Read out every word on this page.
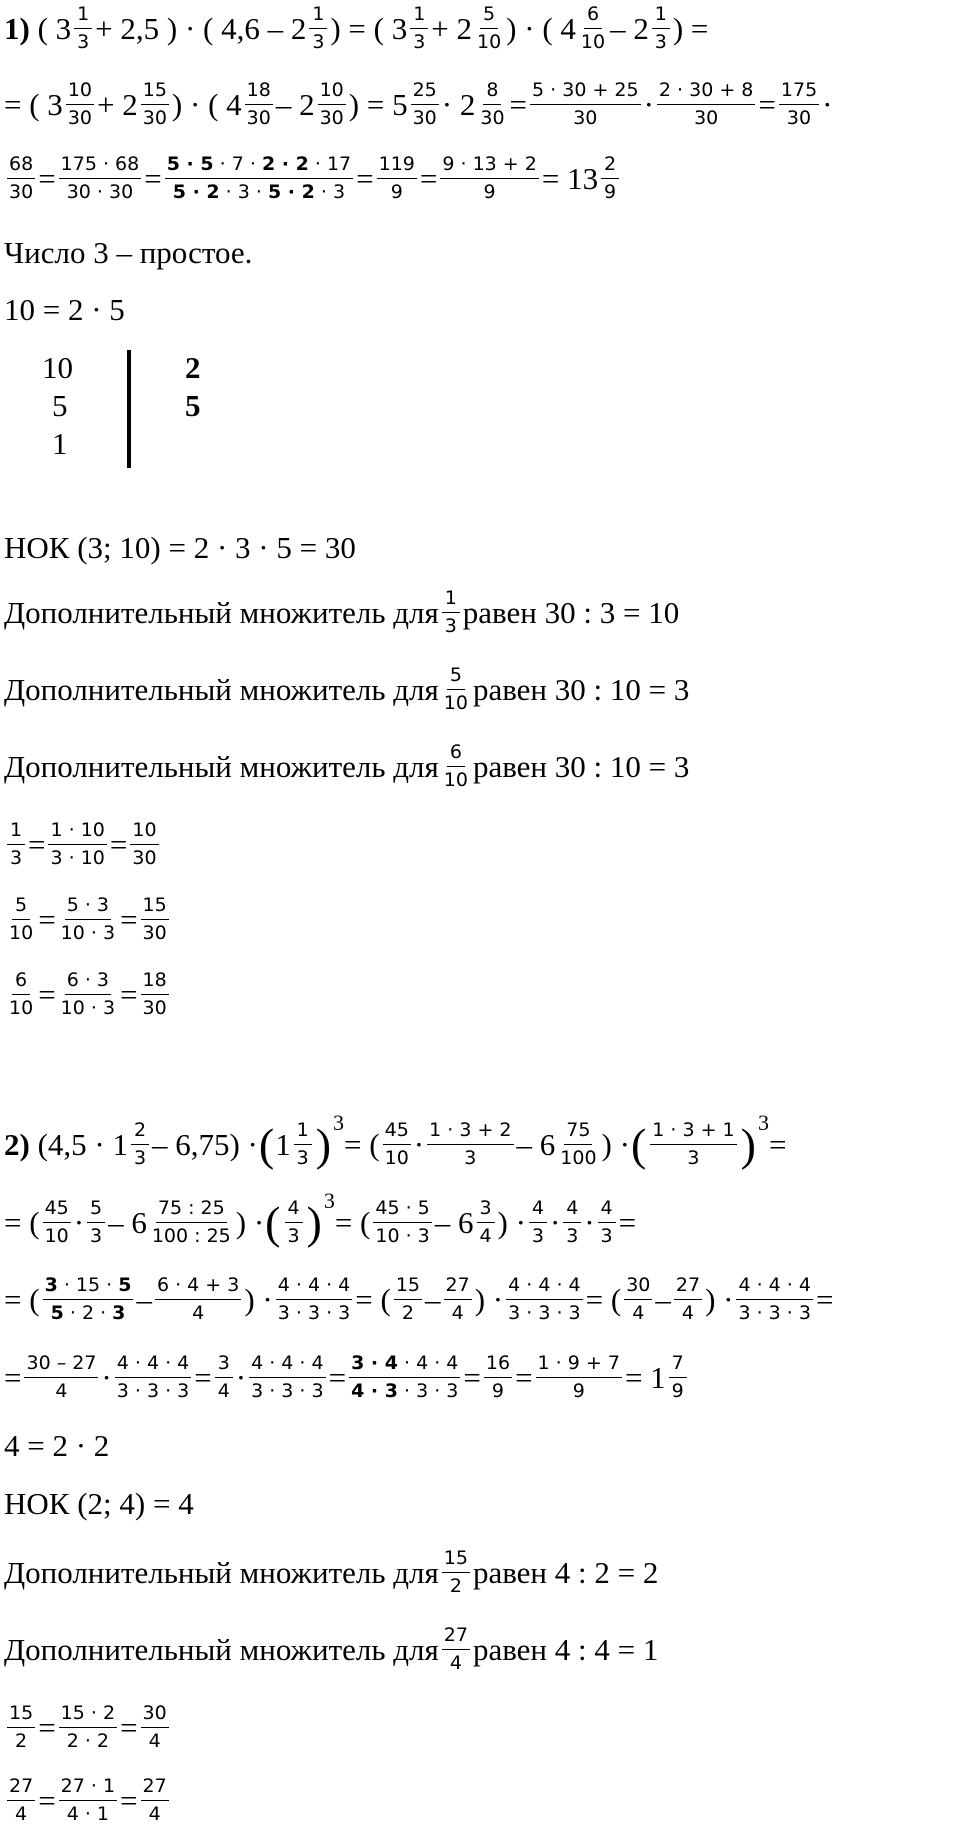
1)
( $3 \frac{1}{3} + 2,5$ ) · ( $4,6 - 2 \frac{1}{3}$ ) = ( $3 \frac{1}{3} + 2 \frac{5}{10}$ ) · ( $4 \frac{6}{10} - 2 \frac{1}{3}$ ) =
= ( $3 \frac{10}{30} + 2 \frac{15}{30}$ ) · ( $4 \frac{18}{30} - 2 \frac{10}{30}$ ) = $5 \frac{25}{30} \cdot 2 \frac{8}{30} = \frac{5 \cdot 30 + 25}{30} \cdot \frac{2 \cdot 30 + 8}{30} = \frac{175}{30}$ ·
$\frac{68}{30} = \frac{175 \cdot 68}{30 \cdot 30} = \frac{5 \cdot 5 \cdot 7 \cdot 2 \cdot 2 \cdot 17}{5 \cdot 2 \cdot 3 \cdot 5 \cdot 2 \cdot 3} = \frac{119}{9} = \frac{9 \cdot 13 + 2}{9} = 13 \frac{2}{9}$
Число 3 – простое.
10 = 2 · 5
10
5
1
2
5
НОК (3; 10) = 2 · 3 · 5 = 30
Дополнительный множитель для $\frac{1}{3}$ равен
30 : 3 = 10
Дополнительный множитель для $\frac{5}{10}$ равен
30 : 10 = 3
Дополнительный множитель для $\frac{6}{10}$ равен
30 : 10 = 3
$\frac{1}{3} = \frac{1 \cdot 10}{3 \cdot 10} = \frac{10}{30}$
$\frac{5}{10} = \frac{5 \cdot 3}{10 \cdot 3} = \frac{15}{30}$
$\frac{6}{10} = \frac{6 \cdot 3}{10 \cdot 3} = \frac{18}{30}$
2)
$(4,5 \cdot 1 \frac{2}{3} - 6,75)$ · ( $1 \frac{1}{3}$ ) 3
= ( $\frac{45}{10} \cdot \frac{1 \cdot 3 + 2}{3} - 6 \frac{75}{100}$ ) · ( $\frac{1 \cdot 3 + 1}{3}$ ) 3
=
= ( $\frac{45}{10} \cdot \frac{5}{3} - 6 \frac{75 : 25}{100 : 25}$ ) · ( $\frac{4}{3}$ ) 3
= ( $\frac{45 \cdot 5}{10 \cdot 3} - 6 \frac{3}{4}$ ) · $\frac{4}{3} \cdot \frac{4}{3} \cdot \frac{4}{3}$ =
= ( $\frac{3 \cdot 15 \cdot 5}{5 \cdot 2 \cdot 3} - \frac{6 \cdot 4 + 3}{4}$ ) · $\frac{4 \cdot 4 \cdot 4}{3 \cdot 3 \cdot 3}$ = ( $\frac{15}{2} - \frac{27}{4}$ ) · $\frac{4 \cdot 4 \cdot 4}{3 \cdot 3 \cdot 3}$ = ( $\frac{30}{4} - \frac{27}{4}$ ) · $\frac{4 \cdot 4 \cdot 4}{3 \cdot 3 \cdot 3}$ =
= $\frac{30 - 27}{4} \cdot \frac{4 \cdot 4 \cdot 4}{3 \cdot 3 \cdot 3} = \frac{3}{4} \cdot \frac{4 \cdot 4 \cdot 4}{3 \cdot 3 \cdot 3} = \frac{3 \cdot 4 \cdot 4 \cdot 4}{4 \cdot 3 \cdot 3 \cdot 3} = \frac{16}{9} = \frac{1 \cdot 9 + 7}{9} = 1 \frac{7}{9}$
4 = 2 · 2
НОК (2; 4) = 4
Дополнительный множитель для $\frac{15}{2}$ равен
4 : 2 = 2
Дополнительный множитель для $\frac{27}{4}$ равен
4 : 4 = 1
$\frac{15}{2} = \frac{15 \cdot 2}{2 \cdot 2} = \frac{30}{4}$
$\frac{27}{4} = \frac{27 \cdot 1}{4 \cdot 1} = \frac{27}{4}$
